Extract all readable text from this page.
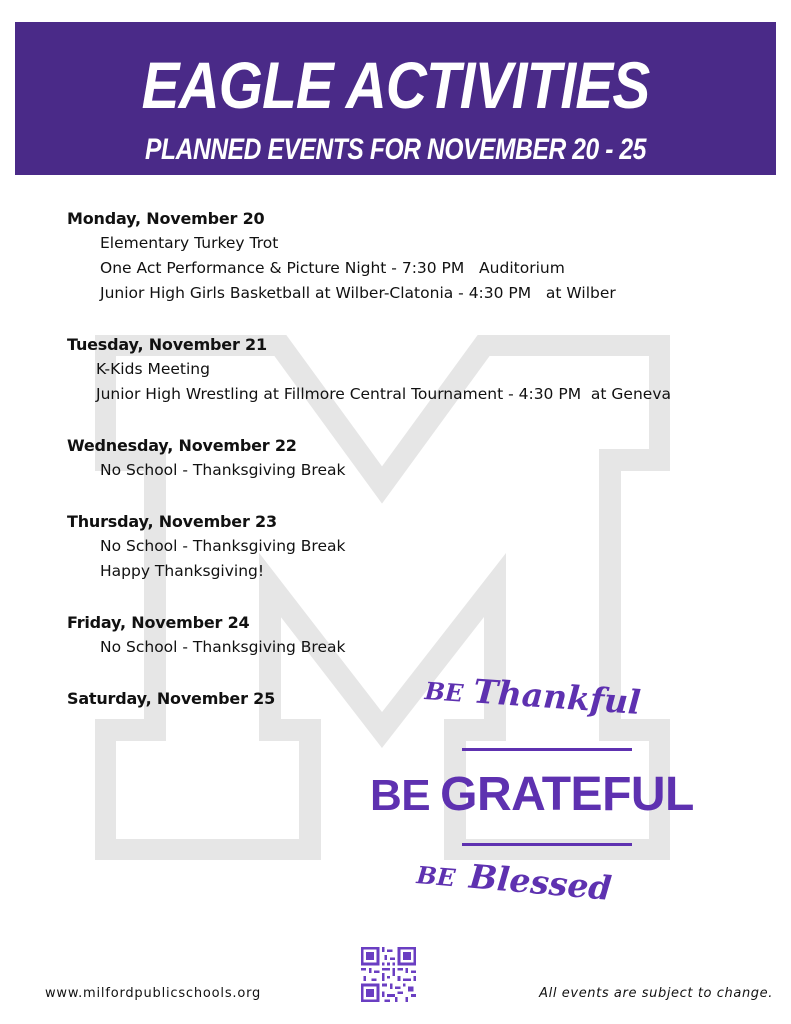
EAGLE ACTIVITIES
PLANNED EVENTS FOR NOVEMBER 20 - 25
Monday, November 20
Elementary Turkey Trot
One Act Performance & Picture Night - 7:30 PM   Auditorium
Junior High Girls Basketball at Wilber-Clatonia - 4:30 PM   at Wilber
Tuesday, November 21
K-Kids Meeting
Junior High Wrestling at Fillmore Central Tournament - 4:30 PM  at Geneva
Wednesday, November 22
No School - Thanksgiving Break
Thursday, November 23
No School - Thanksgiving Break
Happy Thanksgiving!
Friday, November 24
No School - Thanksgiving Break
Saturday, November 25	BE Thankful
BE GRATEFUL
BE Blessed
www.milfordpublicschools.org	All events are subject to change.
